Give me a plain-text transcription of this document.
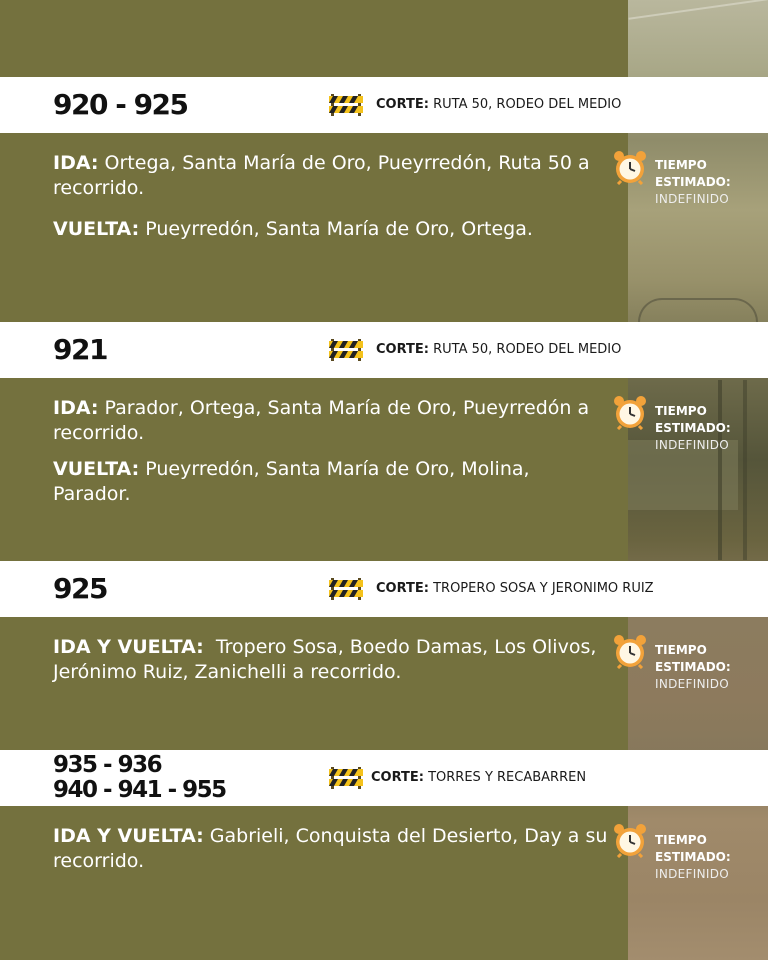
920 - 925	CORTE: RUTA 50, RODEO DEL MEDIO
IDA: Ortega, Santa María de Oro, Pueyrredón, Ruta 50 a recorrido.
VUELTA: Pueyrredón, Santa María de Oro, Ortega.
TIEMPO
ESTIMADO:
INDEFINIDO
921	CORTE: RUTA 50, RODEO DEL MEDIO
IDA: Parador, Ortega, Santa María de Oro, Pueyrredón a recorrido.
VUELTA: Pueyrredón, Santa María de Oro, Molina, Parador.
TIEMPO
ESTIMADO:
INDEFINIDO
925	CORTE: TROPERO SOSA Y JERONIMO RUIZ
IDA Y VUELTA:  Tropero Sosa, Boedo Damas, Los Olivos, Jerónimo Ruiz, Zanichelli a recorrido.
TIEMPO
ESTIMADO:
INDEFINIDO
935 - 936
940 - 941 - 955	CORTE: TORRES Y RECABARREN
IDA Y VUELTA: Gabrieli, Conquista del Desierto, Day a su recorrido.
TIEMPO
ESTIMADO:
INDEFINIDO
